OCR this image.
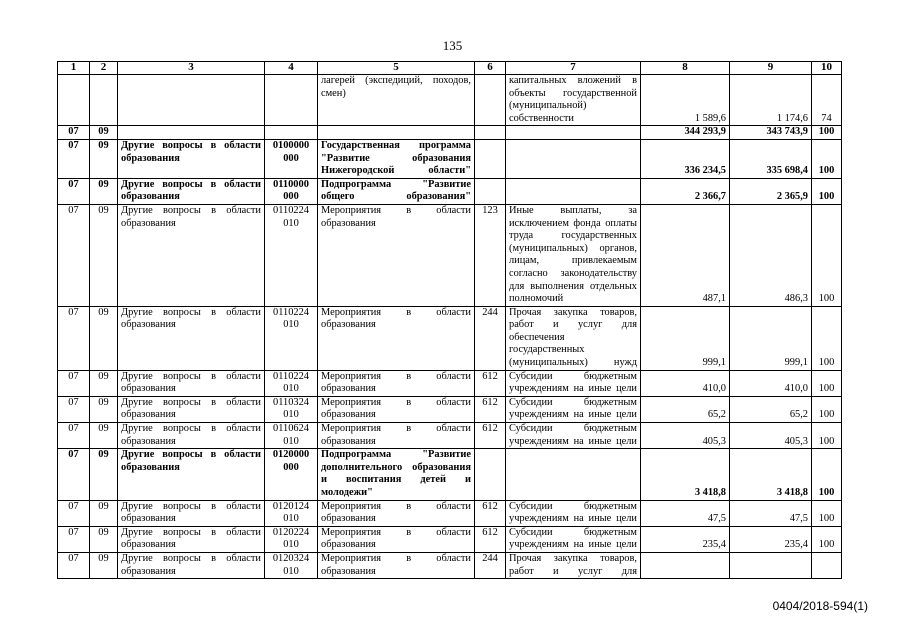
135
1	2	3	4	5	6	7	8	9	10
				лагерей (экспедиций, походов, смен)		капитальных вложений в объекты государственной (муниципальной) собственности	1 589,6	1 174,6	74
07	09						344 293,9	343 743,9	100
07	09	Другие вопросы в области образования	0100000 000	Государственная программа "Развитие образования Нижегородской области"			336 234,5	335 698,4	100
07	09	Другие вопросы в области образования	0110000 000	Подпрограмма "Развитие общего образования"			2 366,7	2 365,9	100
07	09	Другие вопросы в области образования	0110224 010	Мероприятия в области образования	123	Иные выплаты, за исключением фонда оплаты труда государственных (муниципальных) органов, лицам, привлекаемым согласно законодательству для выполнения отдельных полномочий	487,1	486,3	100
07	09	Другие вопросы в области образования	0110224 010	Мероприятия в области образования	244	Прочая закупка товаров, работ и услуг для обеспечения государственных (муниципальных) нужд	999,1	999,1	100
07	09	Другие вопросы в области образования	0110224 010	Мероприятия в области образования	612	Субсидии бюджетным учреждениям на иные цели	410,0	410,0	100
07	09	Другие вопросы в области образования	0110324 010	Мероприятия в области образования	612	Субсидии бюджетным учреждениям на иные цели	65,2	65,2	100
07	09	Другие вопросы в области образования	0110624 010	Мероприятия в области образования	612	Субсидии бюджетным учреждениям на иные цели	405,3	405,3	100
07	09	Другие вопросы в области образования	0120000 000	Подпрограмма "Развитие дополнительного образования и воспитания детей и молодежи"			3 418,8	3 418,8	100
07	09	Другие вопросы в области образования	0120124 010	Мероприятия в области образования	612	Субсидии бюджетным учреждениям на иные цели	47,5	47,5	100
07	09	Другие вопросы в области образования	0120224 010	Мероприятия в области образования	612	Субсидии бюджетным учреждениям на иные цели	235,4	235,4	100
07	09	Другие вопросы в области образования	0120324 010	Мероприятия в области образования	244	Прочая закупка товаров, работ и услуг для			
0404/2018-594(1)
